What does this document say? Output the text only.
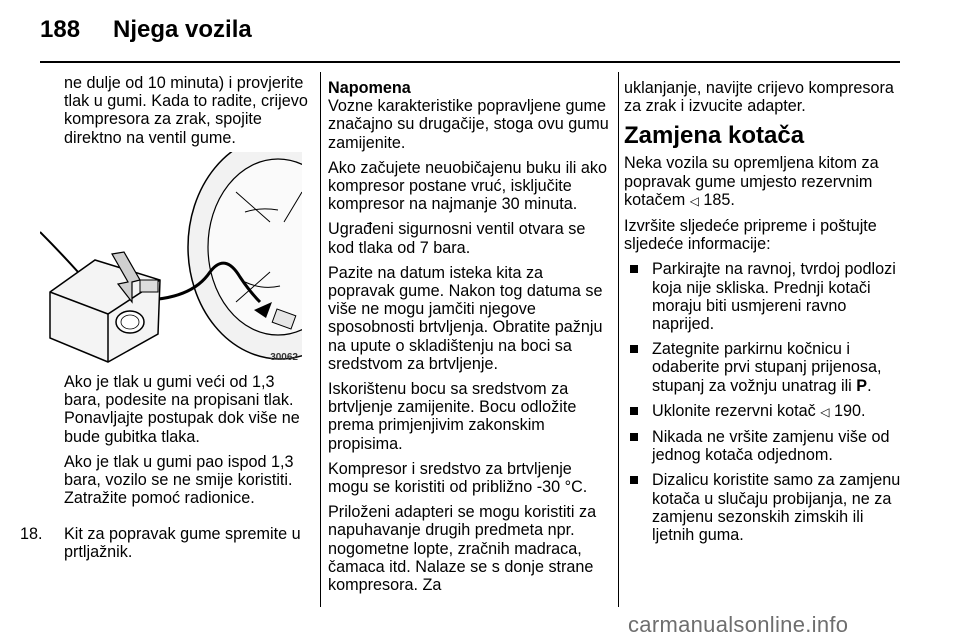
188 Njega vozila

ne dulje od 10 minuta) i provjerite tlak u gumi. Kada to radite, crijevo kompresora za zrak, spojite direktno na ventil gume.

30062

Ako je tlak u gumi veći od 1,3 bara, podesite na propisani tlak. Ponavljajte postupak dok više ne bude gubitka tlaka.

Ako je tlak u gumi pao ispod 1,3 bara, vozilo se ne smije koristiti. Zatražite pomoć radionice.

18. Kit za popravak gume spremite u prtljažnik.
Napomena

Vozne karakteristike popravljene gume značajno su drugačije, stoga ovu gumu zamijenite.

Ako začujete neuobičajenu buku ili ako kompresor postane vruć, isključite kompresor na najmanje 30 minuta.

Ugrađeni sigurnosni ventil otvara se kod tlaka od 7 bara.

Pazite na datum isteka kita za popravak gume. Nakon tog datuma se više ne mogu jamčiti njegove sposobnosti brtvljenja. Obratite pažnju na upute o skladištenju na boci sa sredstvom za brtvljenje.

Iskorištenu bocu sa sredstvom za brtvljenje zamijenite. Bocu odložite prema primjenjivim zakonskim propisima.

Kompresor i sredstvo za brtvljenje mogu se koristiti od približno -30 °C.

Priloženi adapteri se mogu koristiti za napuhavanje drugih predmeta npr. nogometne lopte, zračnih madraca, čamaca itd. Nalaze se s donje strane kompresora. Za

uklanjanje, navijte crijevo kompresora za zrak i izvucite adapter.

Zamjena kotača

Neka vozila su opremljena kitom za popravak gume umjesto rezervnim kotačem ◁ 185.

Izvršite sljedeće pripreme i poštujte sljedeće informacije:

Parkirajte na ravnoj, tvrdoj podlozi koja nije skliska. Prednji kotači moraju biti usmjereni ravno naprijed.
Zategnite parkirnu kočnicu i odaberite prvi stupanj prijenosa, stupanj za vožnju unatrag ili P.
Uklonite rezervni kotač ◁ 190.
Nikada ne vršite zamjenu više od jednog kotača odjednom.
Dizalicu koristite samo za zamjenu kotača u slučaju probijanja, ne za zamjenu sezonskih zimskih ili ljetnih guma.
carmanualsonline.info
